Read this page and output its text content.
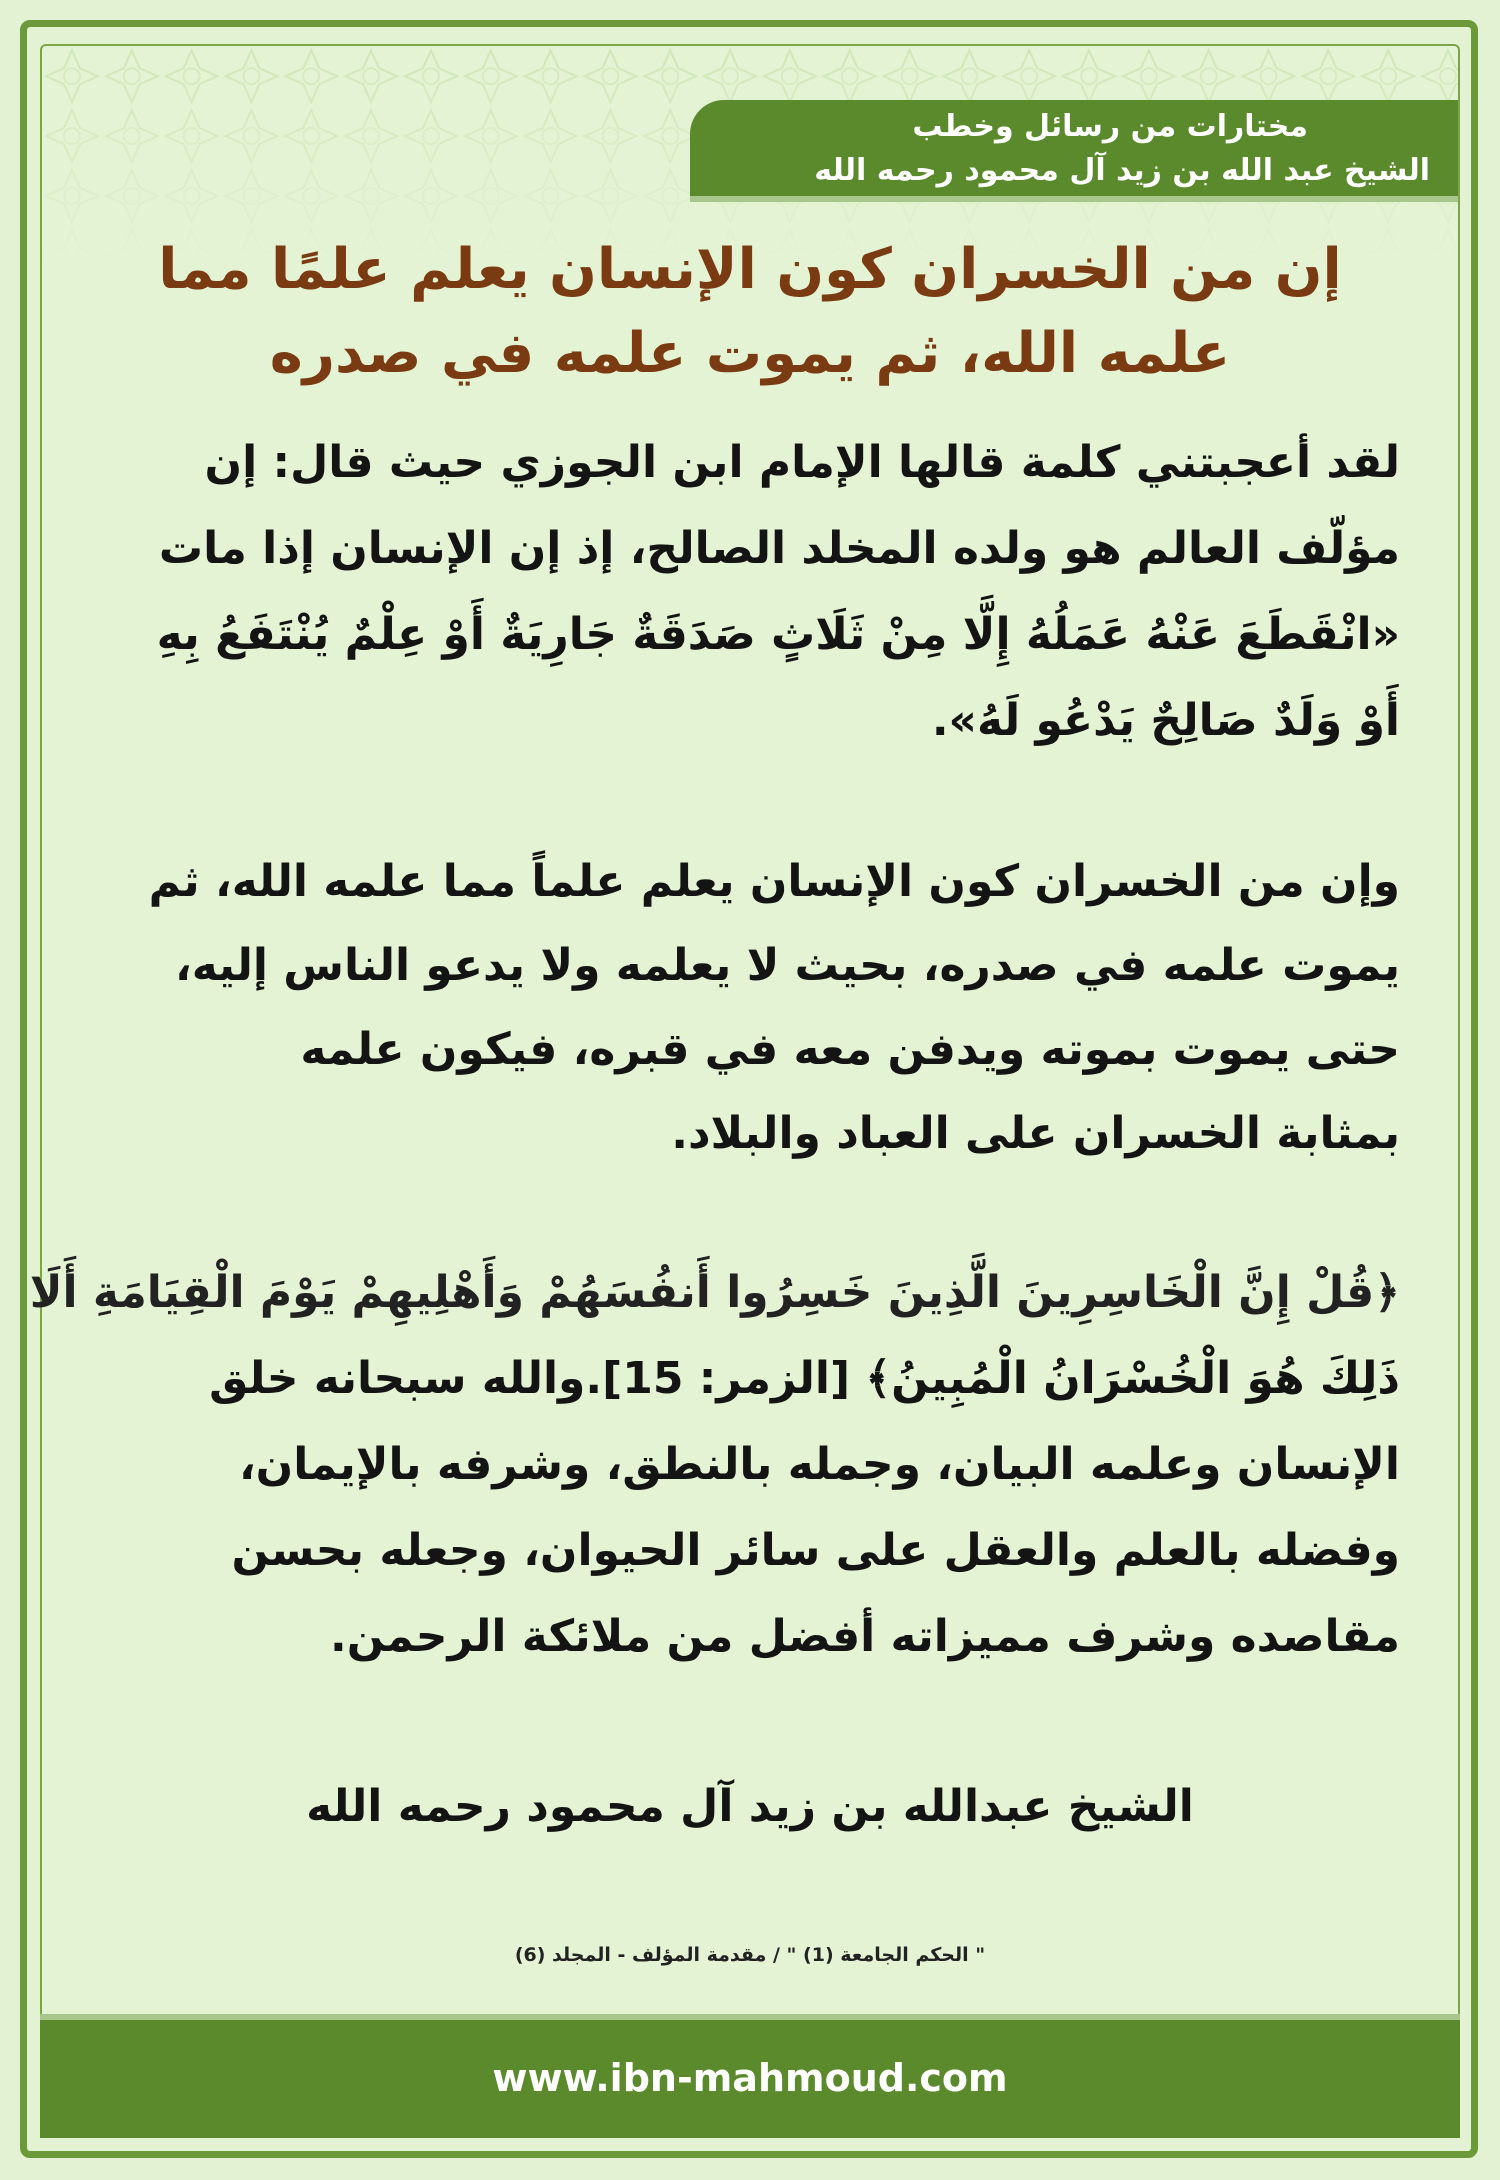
مختارات من رسائل وخطب
الشيخ عبد الله بن زيد آل محمود رحمه الله
إن من الخسران كون الإنسان يعلم علمًا مما
علمه الله، ثم يموت علمه في صدره
لقد أعجبتني كلمة قالها الإمام ابن الجوزي حيث قال: إن
مؤلّف العالم هو ولده المخلد الصالح، إذ إن الإنسان إذا مات
«انْقَطَعَ عَنْهُ عَمَلُهُ إِلَّا مِنْ ثَلَاثٍ صَدَقَةٌ جَارِيَةٌ أَوْ عِلْمٌ يُنْتَفَعُ بِهِ
أَوْ وَلَدٌ صَالِحٌ يَدْعُو لَهُ».
وإن من الخسران كون الإنسان يعلم علماً مما علمه الله، ثم
يموت علمه في صدره، بحيث لا يعلمه ولا يدعو الناس إليه،
حتى يموت بموته ويدفن معه في قبره، فيكون علمه
بمثابة الخسران على العباد والبلاد.
﴿قُلْ إِنَّ الْخَاسِرِينَ الَّذِينَ خَسِرُوا أَنفُسَهُمْ وَأَهْلِيهِمْ يَوْمَ الْقِيَامَةِ أَلَا
ذَلِكَ هُوَ الْخُسْرَانُ الْمُبِينُ﴾ [الزمر: 15].والله سبحانه خلق
الإنسان وعلمه البيان، وجمله بالنطق، وشرفه بالإيمان،
وفضله بالعلم والعقل على سائر الحيوان، وجعله بحسن
مقاصده وشرف مميزاته أفضل من ملائكة الرحمن.
الشيخ عبدالله بن زيد آل محمود رحمه الله
" الحكم الجامعة (1) " / مقدمة المؤلف - المجلد (6)
www.ibn-mahmoud.com
